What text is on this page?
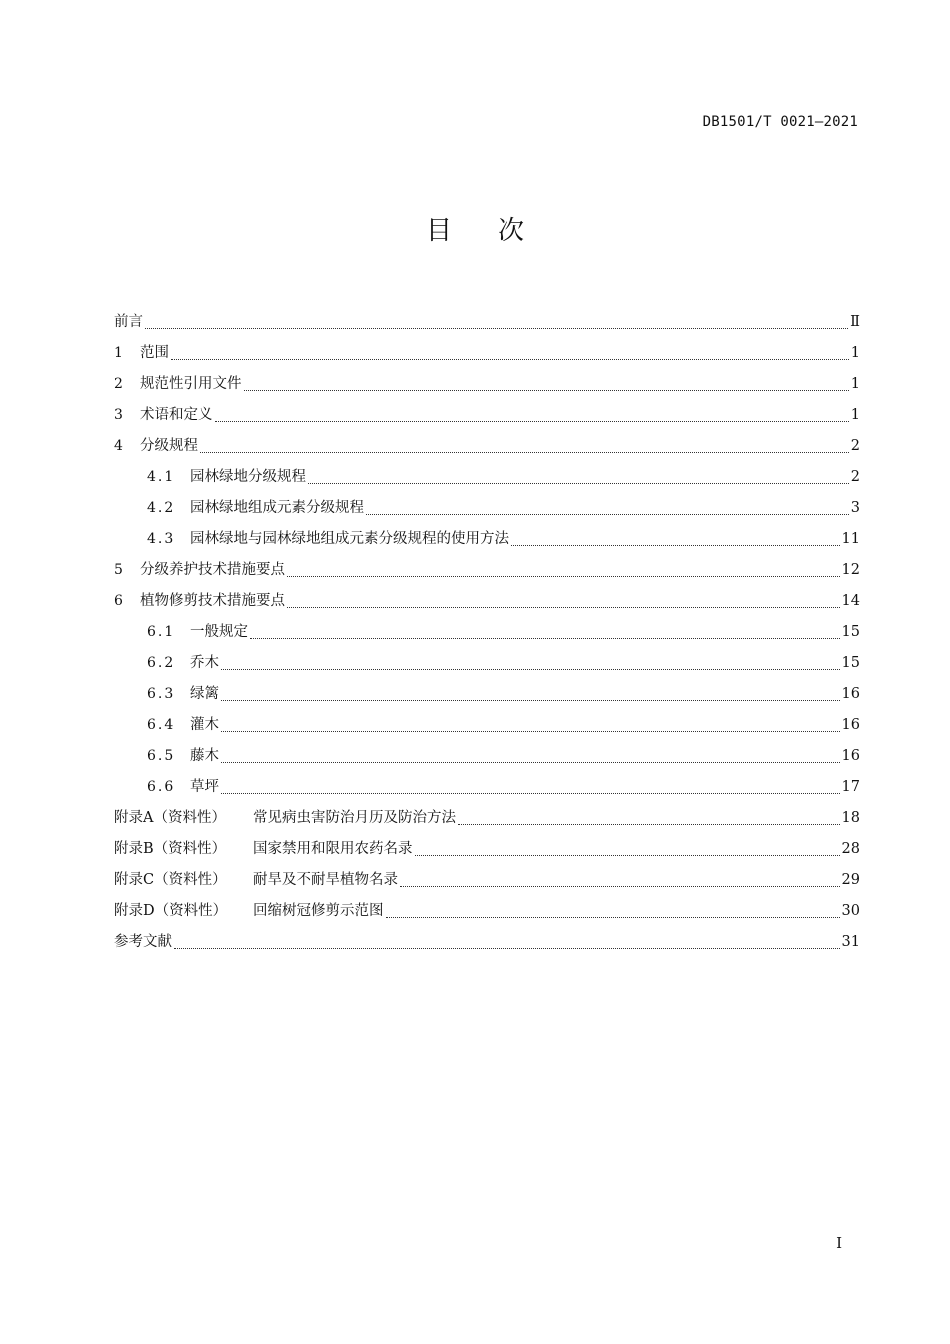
DB1501/T 0021—2021
目 次
前言	Ⅱ
1	范围	1
2	规范性引用文件	1
3	术语和定义	1
4	分级规程	2
4.1	园林绿地分级规程	2
4.2	园林绿地组成元素分级规程	3
4.3	园林绿地与园林绿地组成元素分级规程的使用方法	11
5	分级养护技术措施要点	12
6	植物修剪技术措施要点	14
6.1	一般规定	15
6.2	乔木	15
6.3	绿篱	16
6.4	灌木	16
6.5	藤木	16
6.6	草坪	17
附录A（资料性）	常见病虫害防治月历及防治方法	18
附录B（资料性）	国家禁用和限用农药名录	28
附录C（资料性）	耐旱及不耐旱植物名录	29
附录D（资料性）	回缩树冠修剪示范图	30
参考文献	31
I
